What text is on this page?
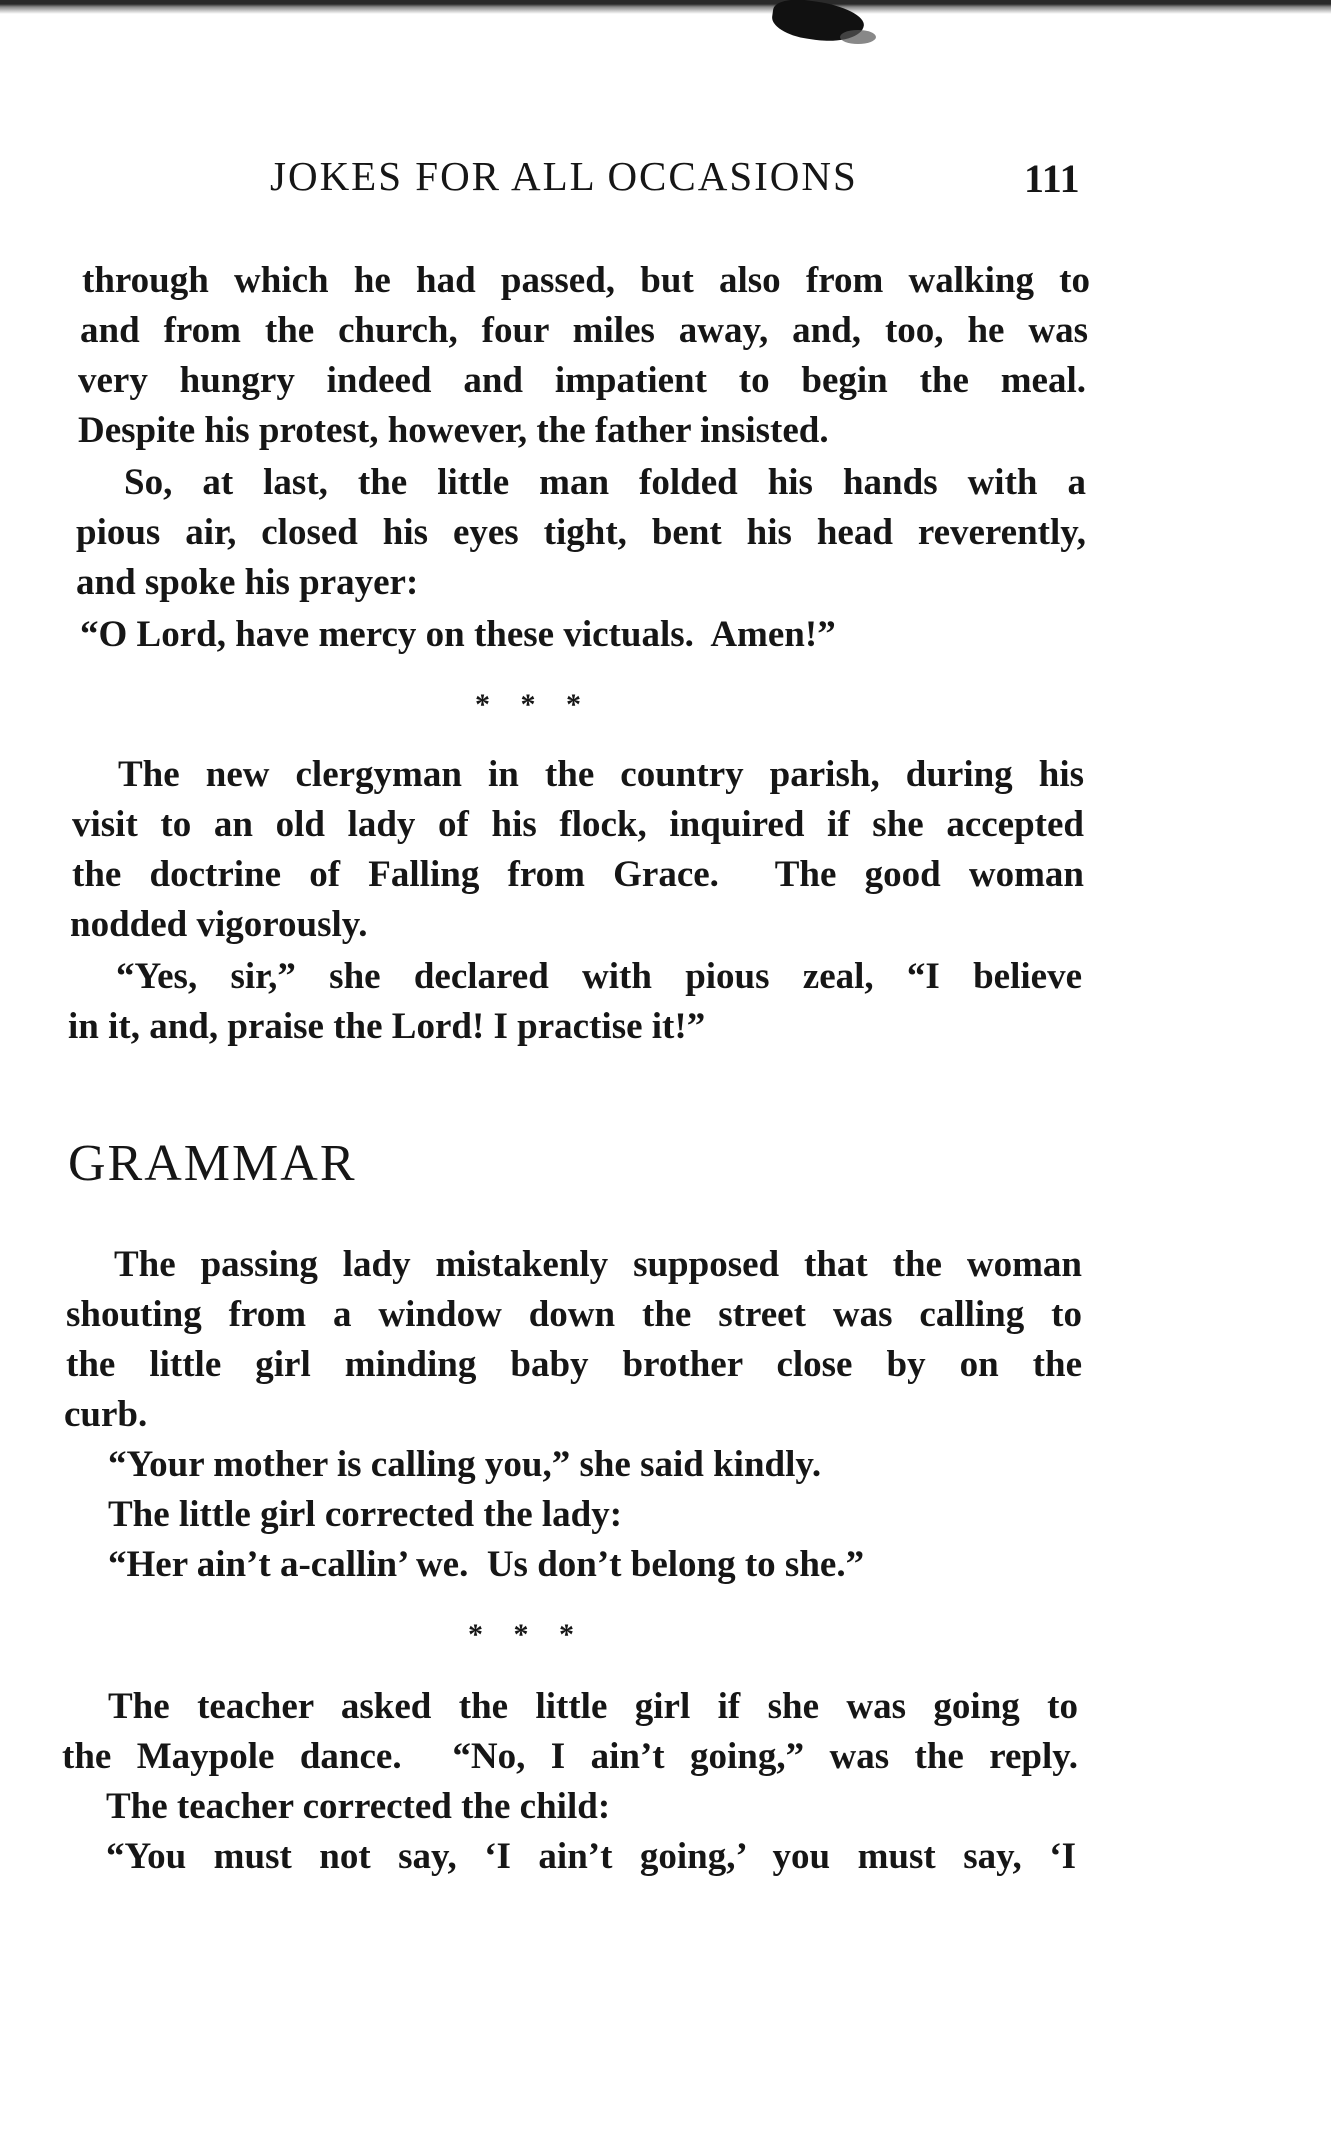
JOKES FOR ALL OCCASIONS	111
through which he had passed, but also from walking to
and from the church, four miles away, and, too, he was
very hungry indeed and impatient to begin the meal.
Despite his protest, however, the father insisted.
So, at last, the little man folded his hands with a
pious air, closed his eyes tight, bent his head reverently,
and spoke his prayer:
“O Lord, have mercy on these victuals.  Amen!”
*   *   *
The new clergyman in the country parish, during his
visit to an old lady of his flock, inquired if she accepted
the doctrine of Falling from Grace.  The good woman
nodded vigorously.
“Yes, sir,” she declared with pious zeal, “I believe
in it, and, praise the Lord! I practise it!”
GRAMMAR
The passing lady mistakenly supposed that the woman
shouting from a window down the street was calling to
the little girl minding baby brother close by on the
curb.
“Your mother is calling you,” she said kindly.
The little girl corrected the lady:
“Her ain’t a-callin’ we.  Us don’t belong to she.”
*   *   *
The teacher asked the little girl if she was going to
the Maypole dance.  “No, I ain’t going,” was the reply.
The teacher corrected the child:
“You must not say, ‘I ain’t going,’ you must say, ‘I
